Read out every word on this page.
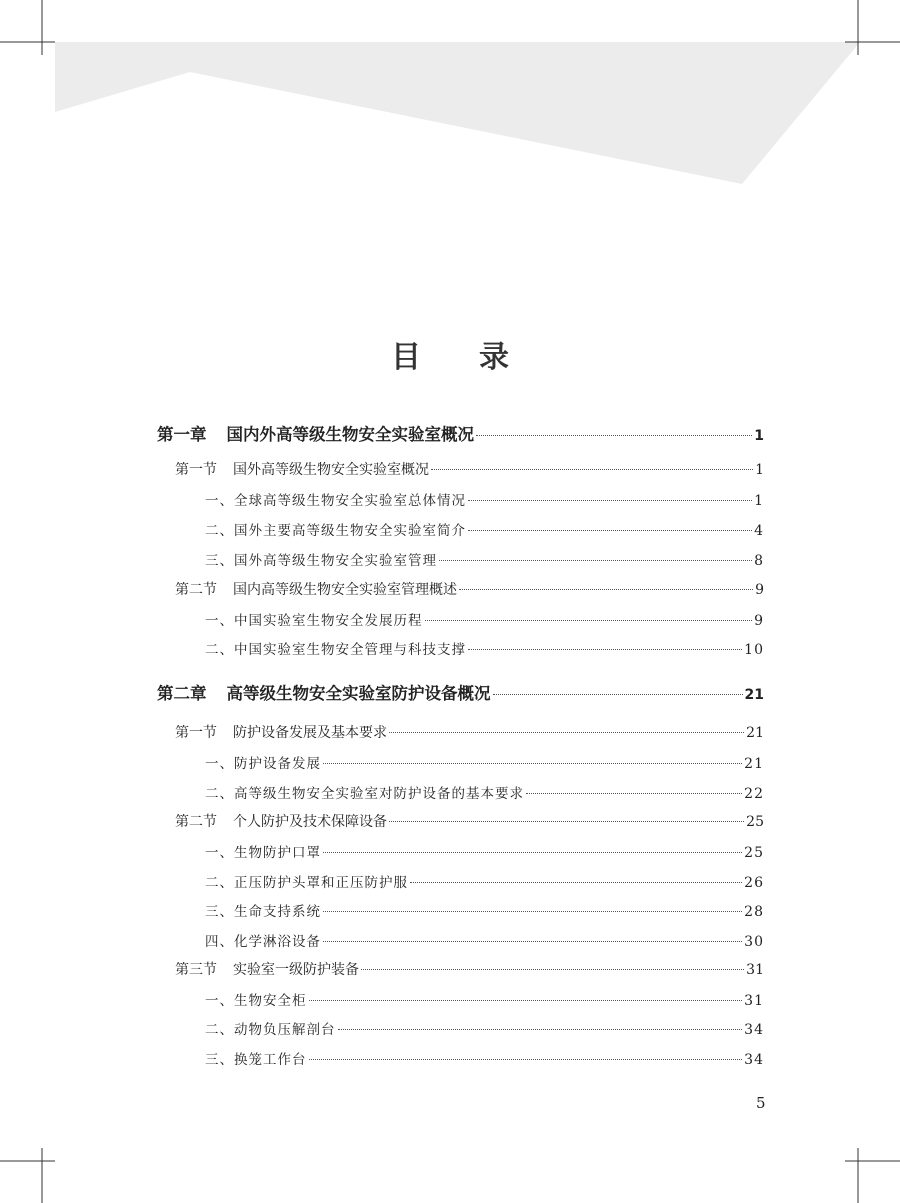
目录
第一章 国内外高等级生物安全实验室概况	1
第一节 国外高等级生物安全实验室概况	1
一、全球高等级生物安全实验室总体情况	1
二、国外主要高等级生物安全实验室简介	4
三、国外高等级生物安全实验室管理	8
第二节 国内高等级生物安全实验室管理概述	9
一、中国实验室生物安全发展历程	9
二、中国实验室生物安全管理与科技支撑	10
第二章 高等级生物安全实验室防护设备概况	21
第一节 防护设备发展及基本要求	21
一、防护设备发展	21
二、高等级生物安全实验室对防护设备的基本要求	22
第二节 个人防护及技术保障设备	25
一、生物防护口罩	25
二、正压防护头罩和正压防护服	26
三、生命支持系统	28
四、化学淋浴设备	30
第三节 实验室一级防护装备	31
一、生物安全柜	31
二、动物负压解剖台	34
三、换笼工作台	34
5
